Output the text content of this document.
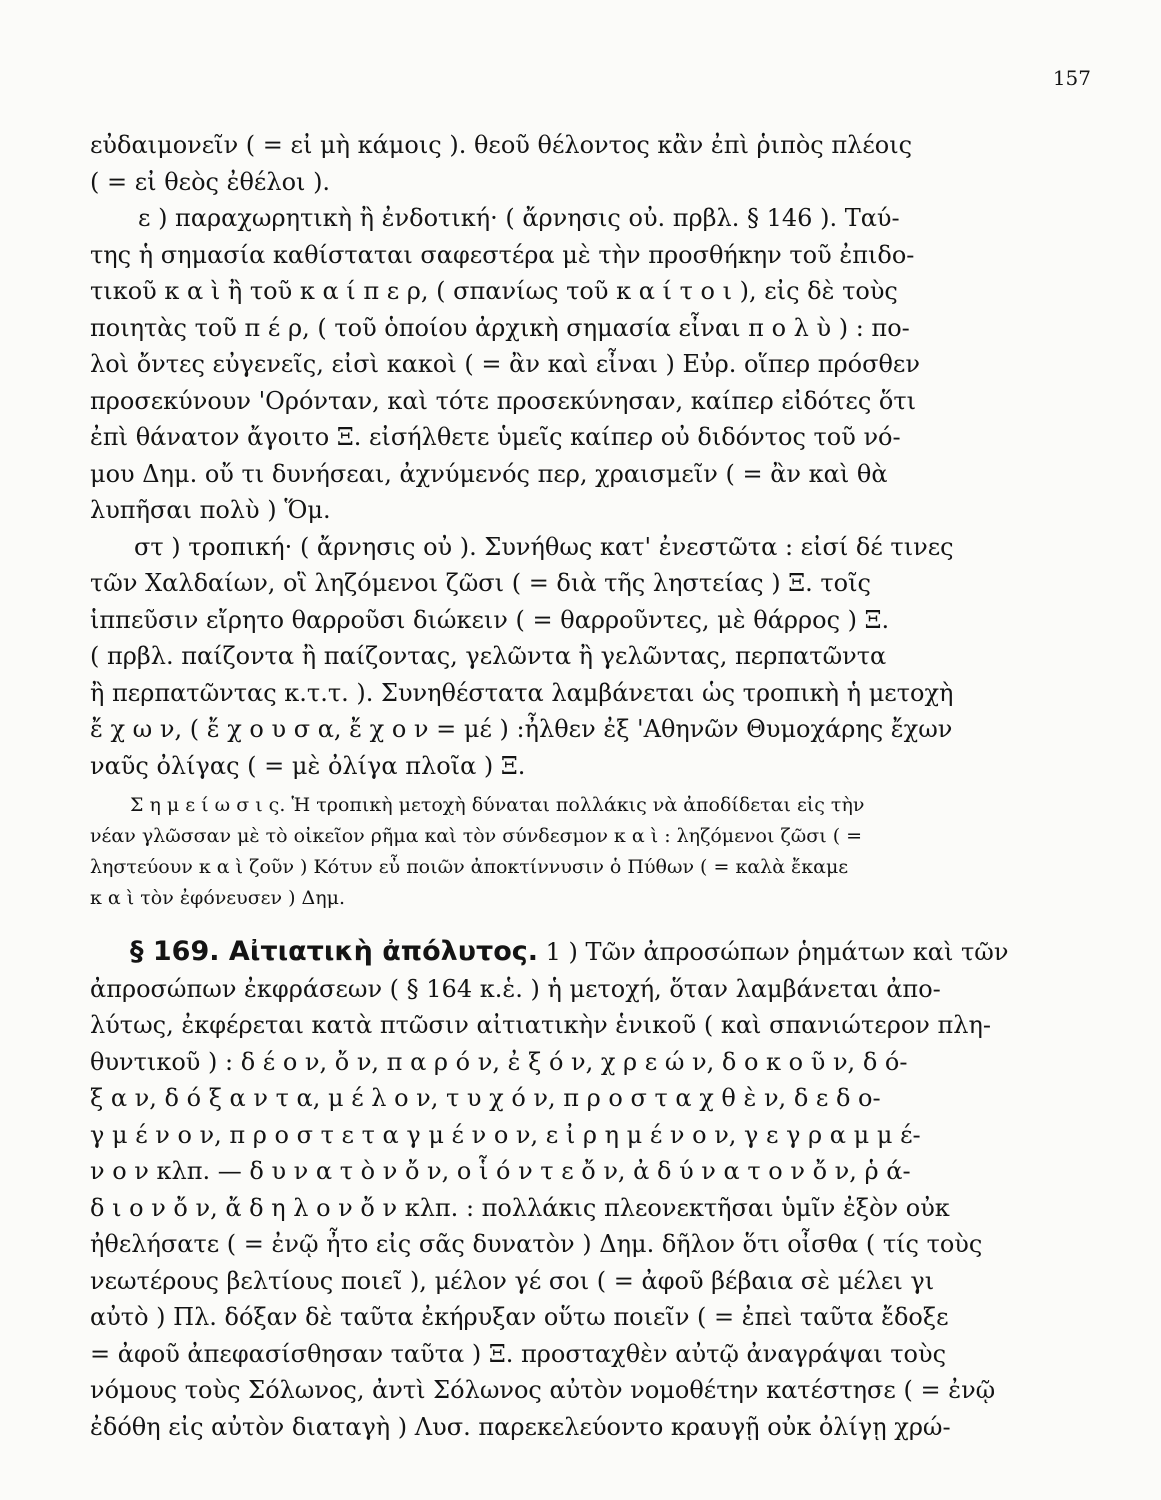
157
εὐδαιμονεῖν ( = εἰ μὴ κάμοις ). θεοῦ θέλοντος κἂν ἐπὶ ῥιπὸς πλέοις
( = εἰ θεὸς ἐθέλοι ).
ε ) παραχωρητικὴ ἢ ἐνδοτική· ( ἄρνησις οὐ. πρβλ. § 146 ). Ταύ-
της ἡ σημασία καθίσταται σαφεστέρα μὲ τὴν προσθήκην τοῦ ἐπιδο-
τικοῦ κ α ὶ ἢ τοῦ κ α ί π ε ρ, ( σπανίως τοῦ κ α ί τ ο ι ), εἰς δὲ τοὺς
ποιητὰς τοῦ π έ ρ, ( τοῦ ὁποίου ἀρχικὴ σημασία εἶναι π ο λ ὺ ) : πο-
λοὶ ὄντες εὐγενεῖς, εἰσὶ κακοὶ ( = ἂν καὶ εἶναι ) Εὐρ. οἵπερ πρόσθεν
προσεκύνουν 'Ορόνταν, καὶ τότε προσεκύνησαν, καίπερ εἰδότες ὅτι
ἐπὶ θάνατον ἄγοιτο Ξ. εἰσήλθετε ὑμεῖς καίπερ οὐ διδόντος τοῦ νό-
μου Δημ. οὔ τι δυνήσεαι, ἀχνύμενός περ, χραισμεῖν ( = ἂν καὶ θὰ
λυπῆσαι πολὺ ) Ὅμ.
στ ) τροπική· ( ἄρνησις οὐ ). Συνήθως κατ' ἐνεστῶτα : εἰσί δέ τινες
τῶν Χαλδαίων, οἳ ληζόμενοι ζῶσι ( = διὰ τῆς ληστείας ) Ξ. τοῖς
ἱππεῦσιν εἴρητο θαρροῦσι διώκειν ( = θαρροῦντες, μὲ θάρρος ) Ξ.
( πρβλ. παίζοντα ἢ παίζοντας, γελῶντα ἢ γελῶντας, περπατῶντα
ἢ περπατῶντας κ.τ.τ. ). Συνηθέστατα λαμβάνεται ὡς τροπικὴ ἡ μετοχὴ
ἔ χ ω ν, ( ἔ χ ο υ σ α, ἔ χ ο ν = μέ ) :ἦλθεν ἐξ 'Αθηνῶν Θυμοχάρης ἔχων
ναῦς ὀλίγας ( = μὲ ὀλίγα πλοῖα ) Ξ.
Σ η μ ε ί ω σ ι ς. Ἡ τροπικὴ μετοχὴ δύναται πολλάκις νὰ ἀποδίδεται εἰς τὴν
νέαν γλῶσσαν μὲ τὸ οἰκεῖον ρῆμα καὶ τὸν σύνδεσμον κ α ὶ : ληζόμενοι ζῶσι ( =
ληστεύουν κ α ὶ ζοῦν ) Κότυν εὖ ποιῶν ἀποκτίννυσιν ὁ Πύθων ( = καλὰ ἔκαμε
κ α ὶ τὸν ἐφόνευσεν ) Δημ.
§ 169. Αἰτιατικὴ ἀπόλυτος. 1 ) Τῶν ἀπροσώπων ῥημάτων καὶ τῶν
ἀπροσώπων ἐκφράσεων ( § 164 κ.ἑ. ) ἡ μετοχή, ὅταν λαμβάνεται ἀπο-
λύτως, ἐκφέρεται κατὰ πτῶσιν αἰτιατικὴν ἑνικοῦ ( καὶ σπανιώτερον πλη-
θυντικοῦ ) : δ έ ο ν, ὄ ν, π α ρ ό ν, ἐ ξ ό ν, χ ρ ε ώ ν, δ ο κ ο ῦ ν, δ ό-
ξ α ν, δ ό ξ α ν τ α, μ έ λ ο ν, τ υ χ ό ν, π ρ ο σ τ α χ θ ὲ ν, δ ε δ ο-
γ μ έ ν ο ν, π ρ ο σ τ ε τ α γ μ έ ν ο ν, ε ἰ ρ η μ έ ν ο ν, γ ε γ ρ α μ μ έ-
ν ο ν κλπ. — δ υ ν α τ ὸ ν ὄ ν, ο ἷ ό ν τ ε ὄ ν, ἀ δ ύ ν α τ ο ν ὄ ν, ῥ ά-
δ ι ο ν ὄ ν, ἄ δ η λ ο ν ὄ ν κλπ. : πολλάκις πλεονεκτῆσαι ὑμῖν ἐξὸν οὐκ
ἠθελήσατε ( = ἐνῷ ἦτο εἰς σᾶς δυνατὸν ) Δημ. δῆλον ὅτι οἶσθα ( τίς τοὺς
νεωτέρους βελτίους ποιεῖ ), μέλον γέ σοι ( = ἀφοῦ βέβαια σὲ μέλει γι
αὐτὸ ) Πλ. δόξαν δὲ ταῦτα ἐκήρυξαν οὕτω ποιεῖν ( = ἐπεὶ ταῦτα ἔδοξε
= ἀφοῦ ἀπεφασίσθησαν ταῦτα ) Ξ. προσταχθὲν αὐτῷ ἀναγράψαι τοὺς
νόμους τοὺς Σόλωνος, ἀντὶ Σόλωνος αὐτὸν νομοθέτην κατέστησε ( = ἐνῷ
ἐδόθη εἰς αὐτὸν διαταγὴ ) Λυσ. παρεκελεύοντο κραυγῇ οὐκ ὀλίγῃ χρώ-
